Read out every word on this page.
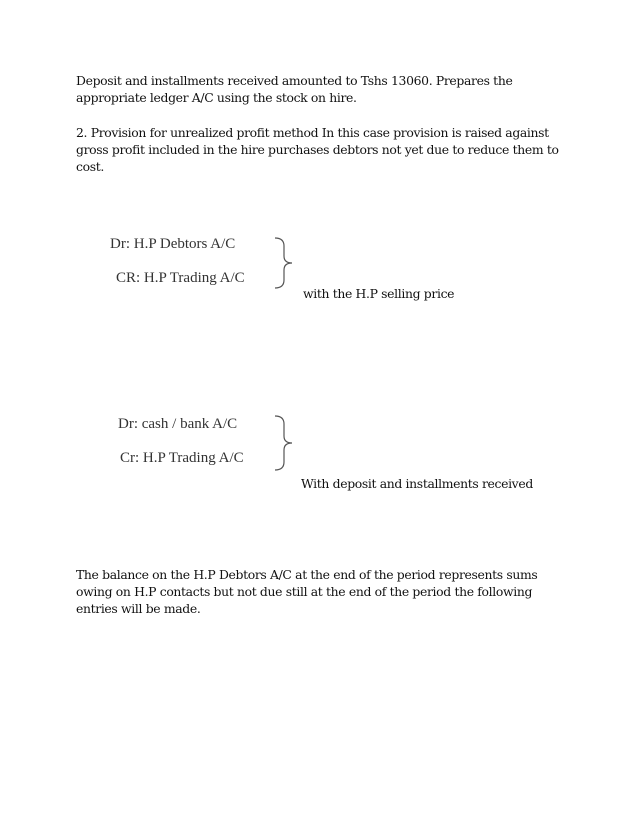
Deposit and installments received amounted to Tshs 13060. Prepares the appropriate ledger A/C using the stock on hire.

2. Provision for unrealized profit method In this case provision is raised against gross profit included in the hire purchases debtors not yet due to reduce them to cost.

Dr: H.P Debtors A/C
CR: H.P Trading A/C
with the H.P selling price
Dr: cash / bank A/C
Cr: H.P Trading A/C
With deposit and installments received

The balance on the H.P Debtors A/C at the end of the period represents sums owing on H.P contacts but not due still at the end of the period the following entries will be made.
